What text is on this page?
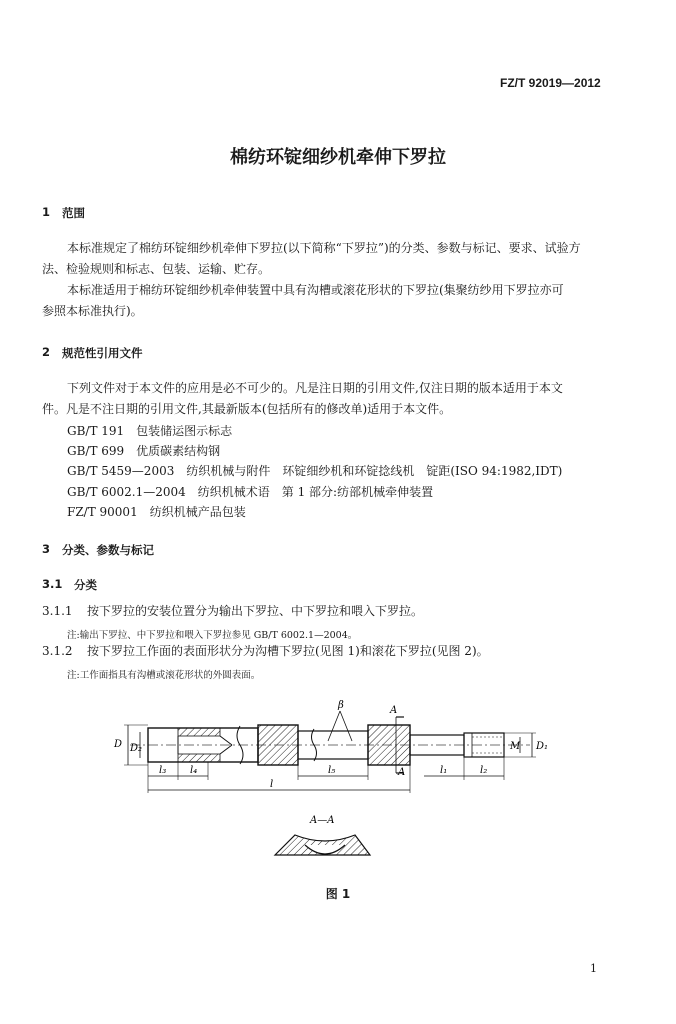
FZ/T 92019—2012
棉纺环锭细纱机牵伸下罗拉
1 范围
本标准规定了棉纺环锭细纱机牵伸下罗拉(以下简称“下罗拉”)的分类、参数与标记、要求、试验方
法、检验规则和标志、包装、运输、贮存。
本标准适用于棉纺环锭细纱机牵伸装置中具有沟槽或滚花形状的下罗拉(集聚纺纱用下罗拉亦可
参照本标准执行)。
2 规范性引用文件
下列文件对于本文件的应用是必不可少的。凡是注日期的引用文件,仅注日期的版本适用于本文
件。凡是不注日期的引用文件,其最新版本(包括所有的修改单)适用于本文件。
GB/T 191　包装储运图示标志
GB/T 699　优质碳素结构钢
GB/T 5459—2003　纺织机械与附件　环锭细纱机和环锭捻线机　锭距(ISO 94:1982,IDT)
GB/T 6002.1—2004　纺织机械术语　第 1 部分:纺部机械牵伸装置
FZ/T 90001　纺织机械产品包装
3 分类、参数与标记
3.1 分类
3.1.1 按下罗拉的安装位置分为输出下罗拉、中下罗拉和喂入下罗拉。
注:输出下罗拉、中下罗拉和喂入下罗拉参见 GB/T 6002.1—2004。
3.1.2 按下罗拉工作面的表面形状分为沟槽下罗拉(见图 1)和滚花下罗拉(见图 2)。
注:工作面指具有沟槽或滚花形状的外圆表面。
D D₂	M D₁
l₃ l₄	l₅	l₁	l₂
l
β	A
A
A—A
图 1
1
